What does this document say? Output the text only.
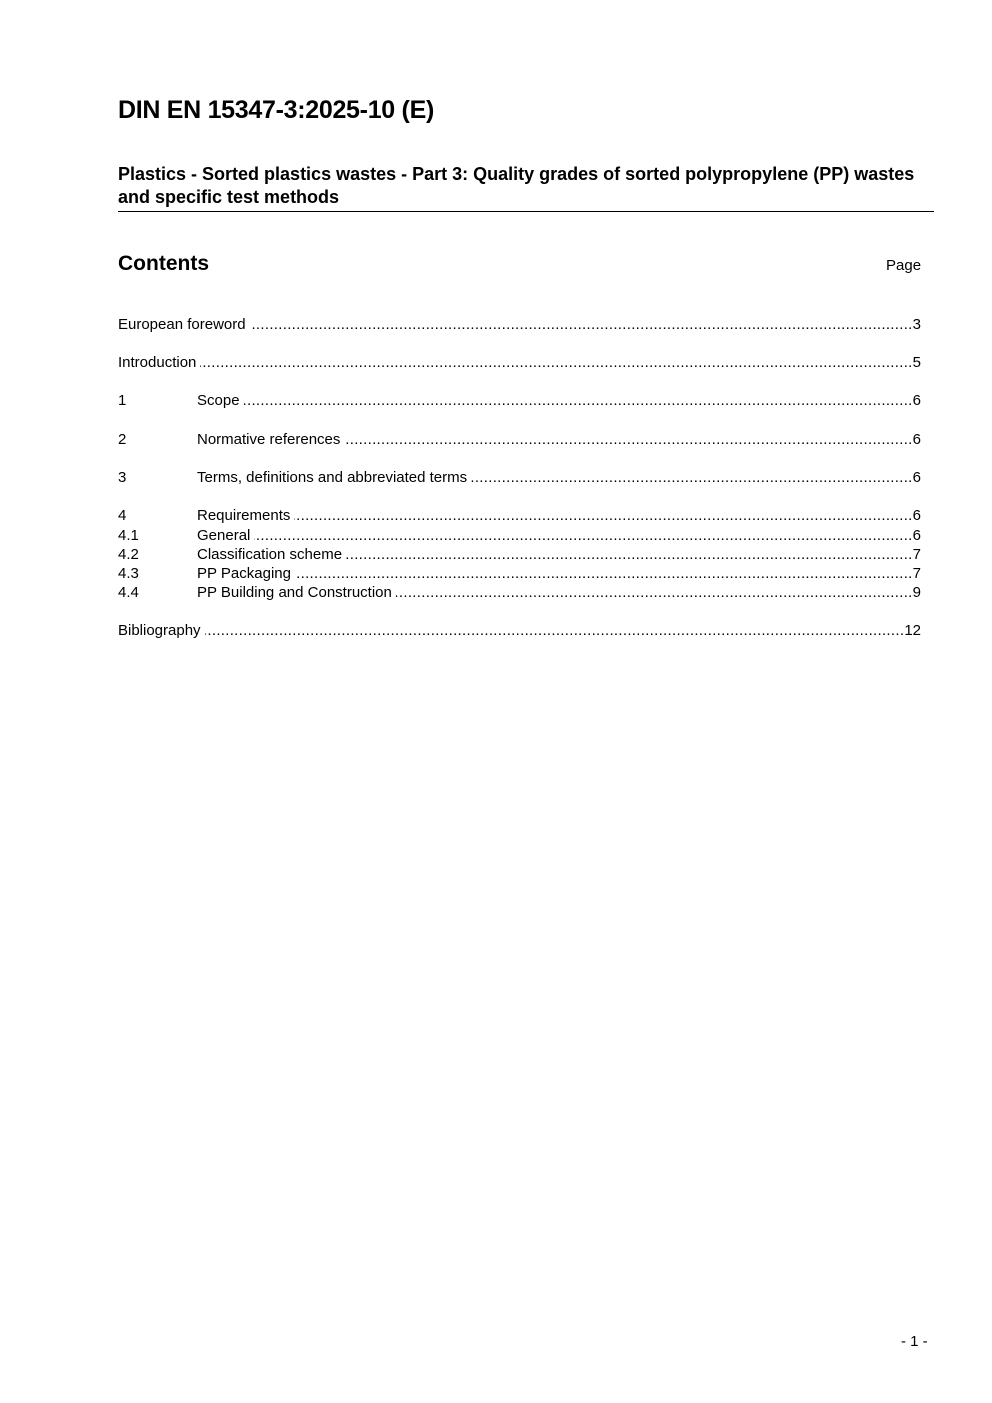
DIN EN 15347-3:2025-10 (E)
Plastics - Sorted plastics wastes - Part 3: Quality grades of sorted polypropylene (PP) wastes and specific test methods
Contents	Page
European foreword .....	3
Introduction .....	5
1	Scope .....	6
2	Normative references .....	6
3	Terms, definitions and abbreviated terms .....	6
4	Requirements .....	6
4.1	General .....	6
4.2	Classification scheme .....	7
4.3	PP Packaging .....	7
4.4	PP Building and Construction .....	9
Bibliography .....	12
- 1 -
